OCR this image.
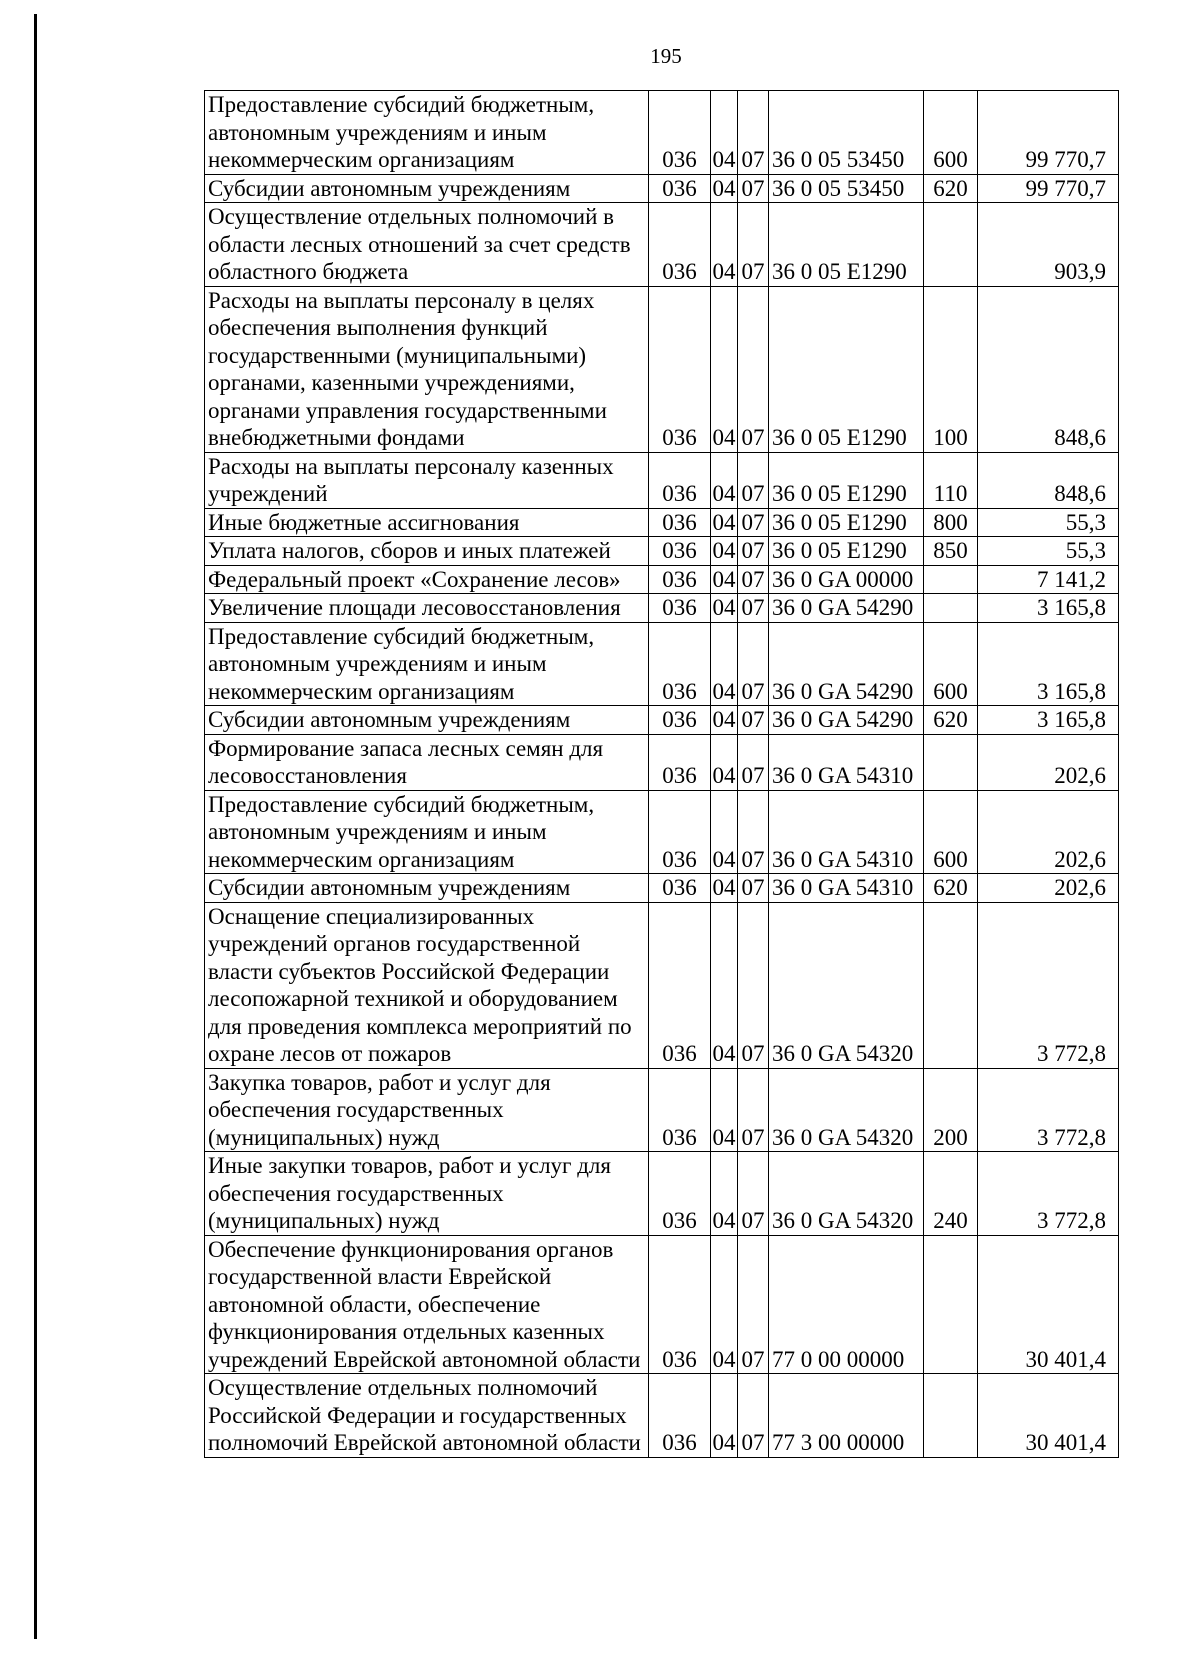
195
Предоставление субсидий бюджетным, автономным учреждениям и иным некоммерческим организациям	036	04	07	36 0 05 53450	600	99 770,7
Субсидии автономным учреждениям	036	04	07	36 0 05 53450	620	99 770,7
Осуществление отдельных полномочий в области лесных отношений за счет средств областного бюджета	036	04	07	36 0 05 Е1290		903,9
Расходы на выплаты персоналу в целях обеспечения выполнения функций государственными (муниципальными) органами, казенными учреждениями, органами управления государственными внебюджетными фондами	036	04	07	36 0 05 Е1290	100	848,6
Расходы на выплаты персоналу казенных учреждений	036	04	07	36 0 05 Е1290	110	848,6
Иные бюджетные ассигнования	036	04	07	36 0 05 Е1290	800	55,3
Уплата налогов, сборов и иных платежей	036	04	07	36 0 05 Е1290	850	55,3
Федеральный проект «Сохранение лесов»	036	04	07	36 0 GA 00000		7 141,2
Увеличение площади лесовосстановления	036	04	07	36 0 GA 54290		3 165,8
Предоставление субсидий бюджетным, автономным учреждениям и иным некоммерческим организациям	036	04	07	36 0 GA 54290	600	3 165,8
Субсидии автономным учреждениям	036	04	07	36 0 GA 54290	620	3 165,8
Формирование запаса лесных семян для лесовосстановления	036	04	07	36 0 GA 54310		202,6
Предоставление субсидий бюджетным, автономным учреждениям и иным некоммерческим организациям	036	04	07	36 0 GA 54310	600	202,6
Субсидии автономным учреждениям	036	04	07	36 0 GA 54310	620	202,6
Оснащение специализированных учреждений органов государственной власти субъектов Российской Федерации лесопожарной техникой и оборудованием для проведения комплекса мероприятий по охране лесов от пожаров	036	04	07	36 0 GA 54320		3 772,8
Закупка товаров, работ и услуг для обеспечения государственных (муниципальных) нужд	036	04	07	36 0 GA 54320	200	3 772,8
Иные закупки товаров, работ и услуг для обеспечения государственных (муниципальных) нужд	036	04	07	36 0 GA 54320	240	3 772,8
Обеспечение функционирования органов государственной власти Еврейской автономной области, обеспечение функционирования отдельных казенных учреждений Еврейской автономной области	036	04	07	77 0 00 00000		30 401,4
Осуществление отдельных полномочий Российской Федерации и государственных полномочий Еврейской автономной области	036	04	07	77 3 00 00000		30 401,4
